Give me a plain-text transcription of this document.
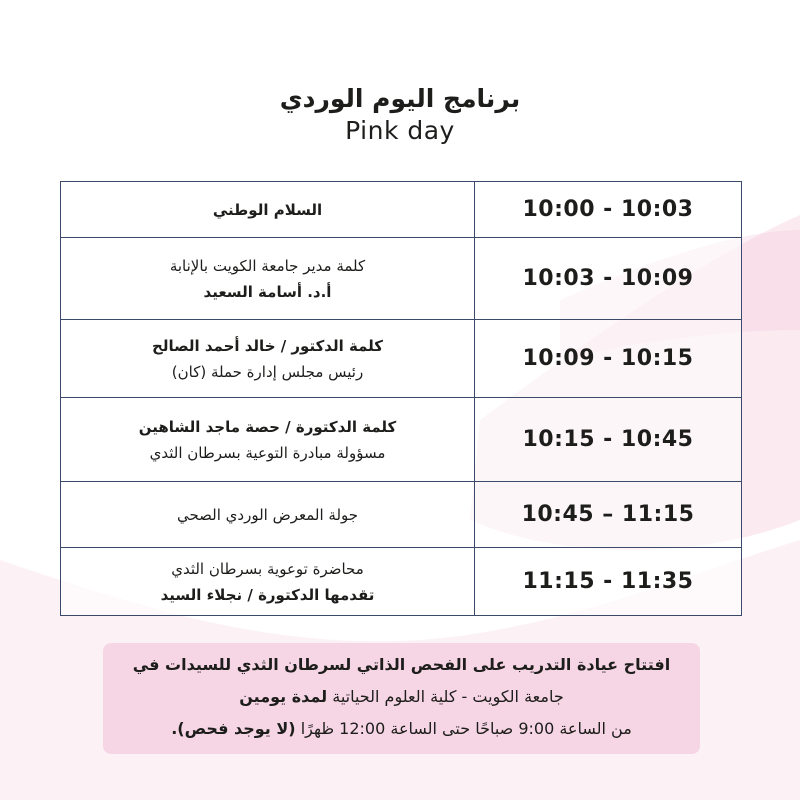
برنامج اليوم الوردي
Pink day
السلام الوطني	10:00 - 10:03

كلمة مدير جامعة الكويت بالإنابة
أ.د. أسامة السعيد	10:03 - 10:09

كلمة الدكتور / خالد أحمد الصالح
رئيس مجلس إدارة حملة (كان)	10:09 - 10:15

كلمة الدكتورة / حصة ماجد الشاهين
مسؤولة مبادرة التوعية بسرطان الثدي	10:15 - 10:45

جولة المعرض الوردي الصحي	10:45 – 11:15

محاضرة توعوية بسرطان الثدي
تقدمها الدكتورة / نجلاء السيد	11:15 - 11:35
افتتاح عيادة التدريب على الفحص الذاتي لسرطان الثدي للسيدات في
جامعة الكويت - كلية العلوم الحياتية لمدة يومين
من الساعة 9:00 صباحًا حتى الساعة 12:00 ظهرًا (لا يوجد فحص).
